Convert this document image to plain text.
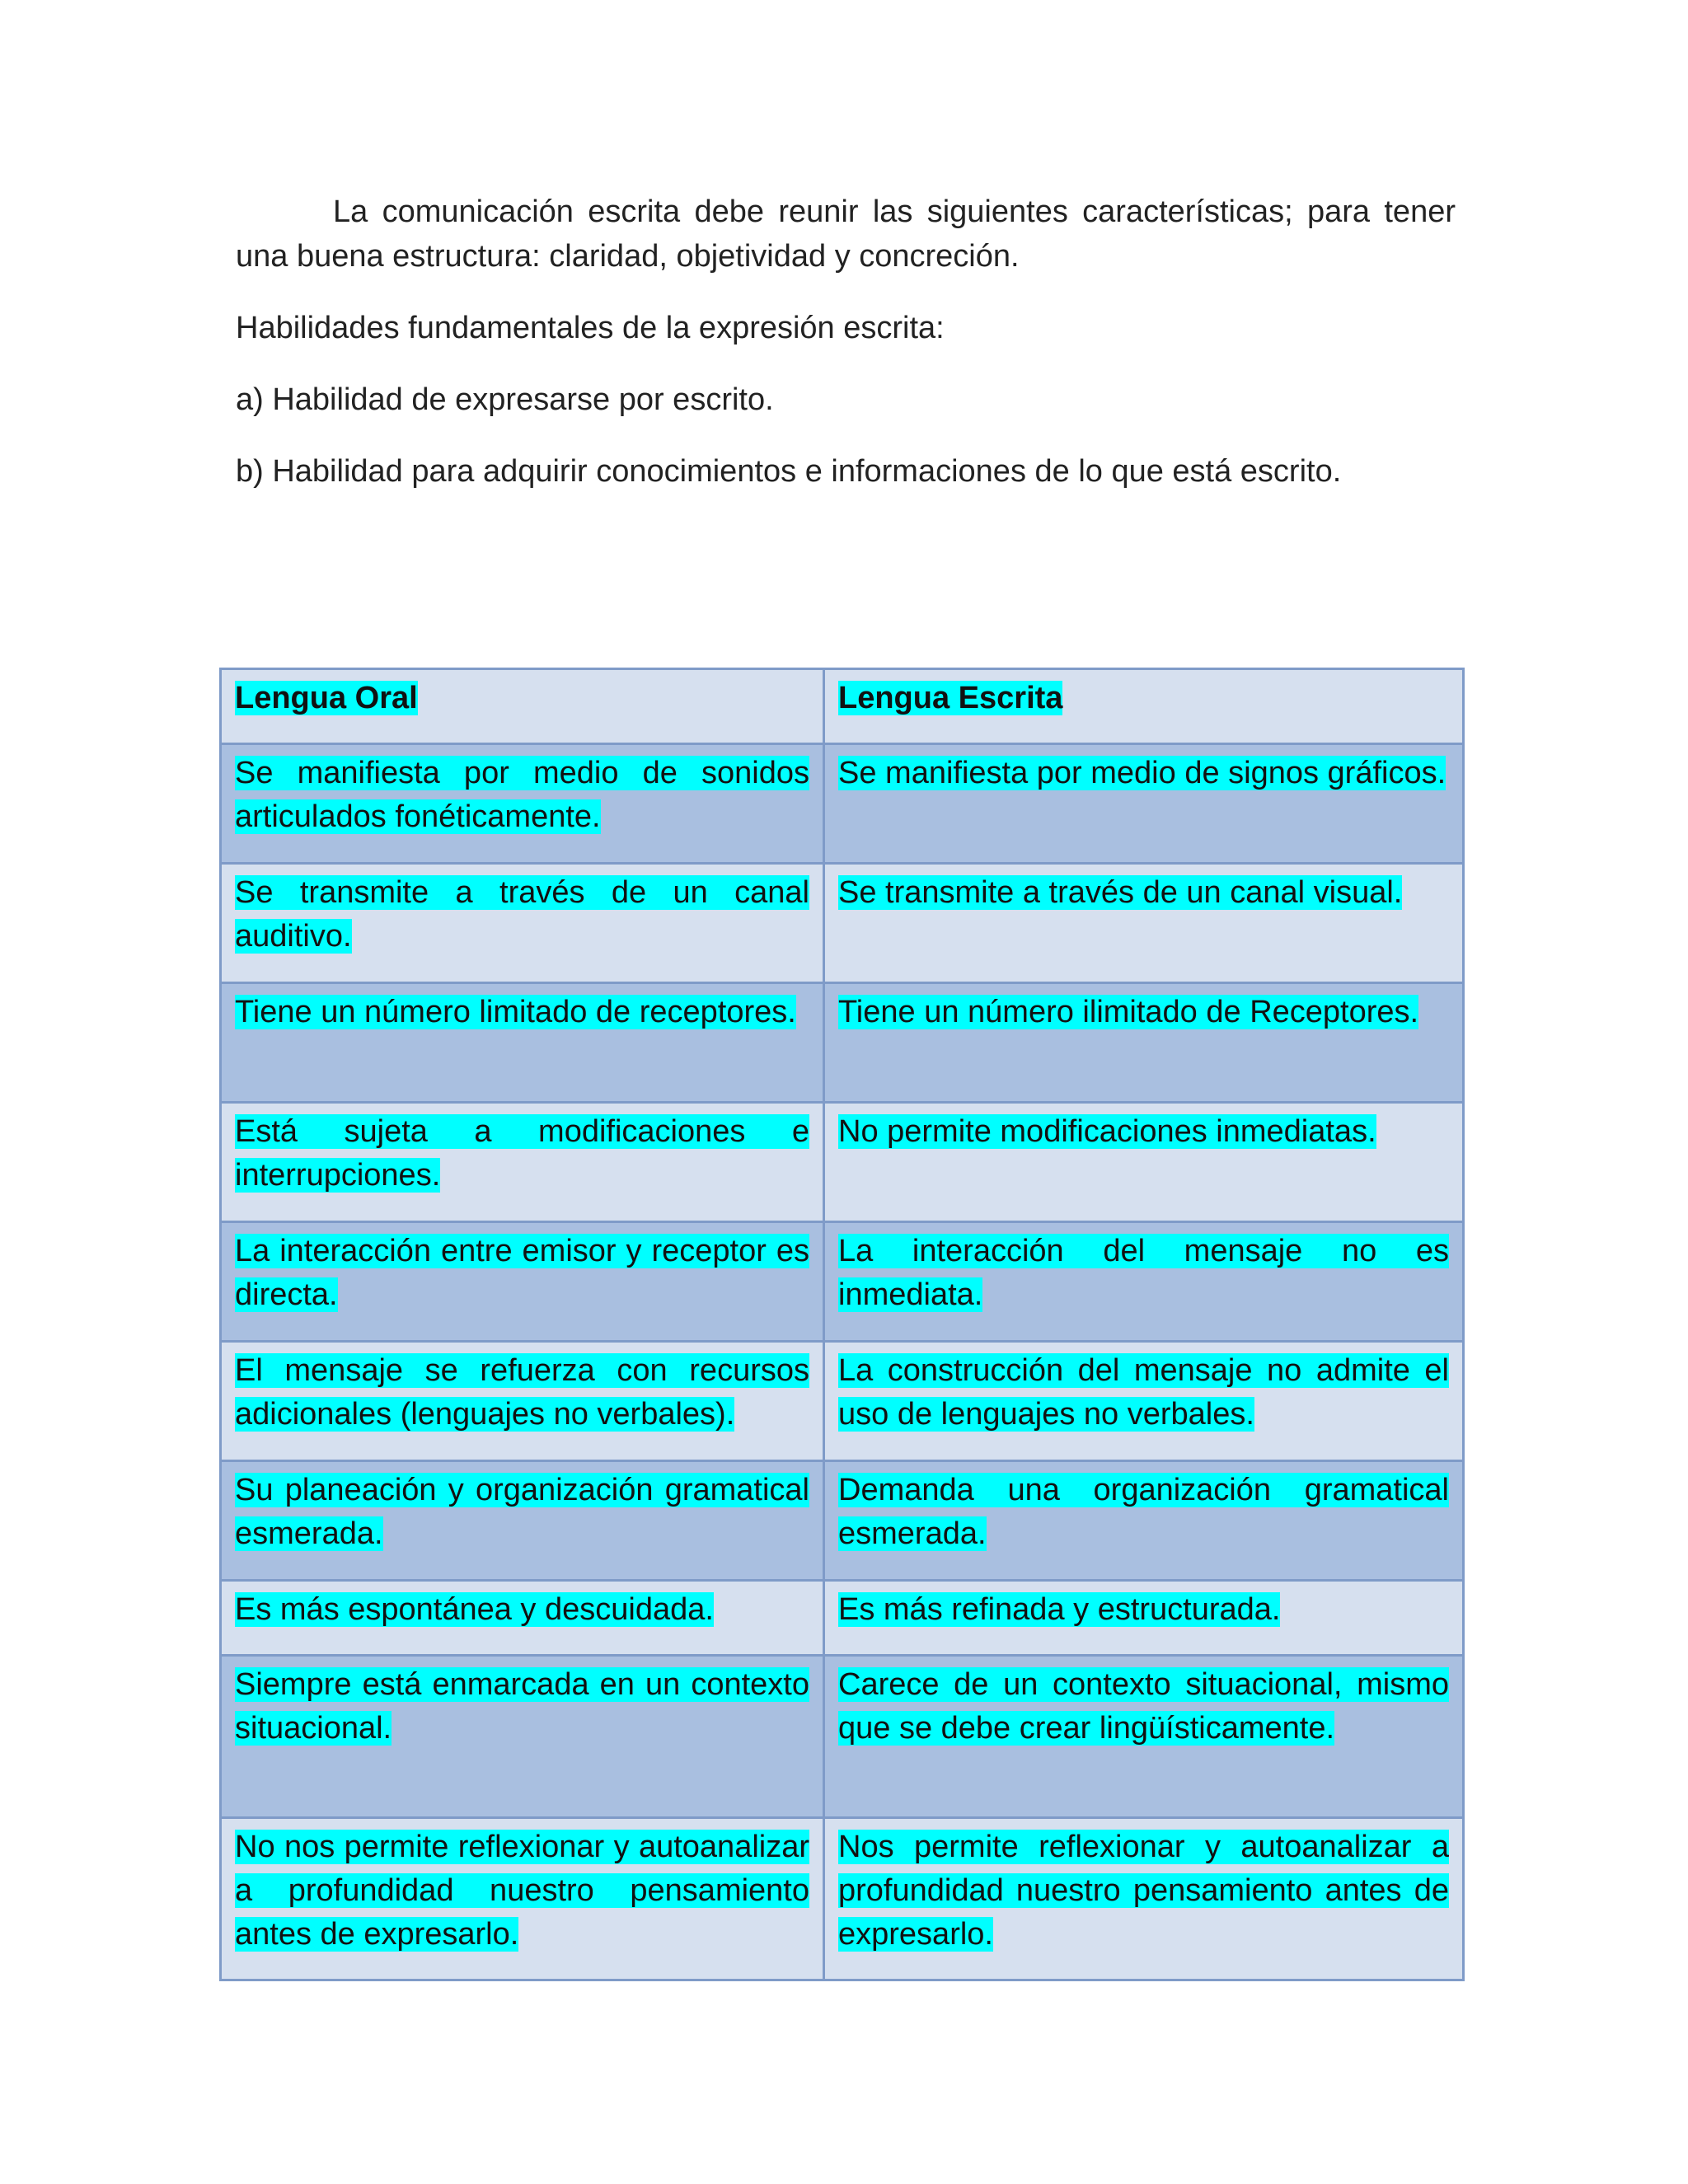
La comunicación escrita debe reunir las siguientes características; para tener una buena estructura: claridad, objetividad y concreción.

Habilidades fundamentales de la expresión escrita:

a) Habilidad de expresarse por escrito.

b) Habilidad para adquirir conocimientos e informaciones de lo que está escrito.

Lengua Oral	Lengua Escrita
Se manifiesta por medio de sonidos articulados fonéticamente.	Se manifiesta por medio de signos gráficos.
Se transmite a través de un canal auditivo.	Se transmite a través de un canal visual.
Tiene un número limitado de receptores.	Tiene un número ilimitado de Receptores.
Está sujeta a modificaciones e interrupciones.	No permite modificaciones inmediatas.
La interacción entre emisor y receptor es directa.	La interacción del mensaje no es inmediata.
El mensaje se refuerza con recursos adicionales (lenguajes no verbales).	La construcción del mensaje no admite el uso de lenguajes no verbales.
Su planeación y organización gramatical esmerada.	Demanda una organización gramatical esmerada.
Es más espontánea y descuidada.	Es más refinada y estructurada.
Siempre está enmarcada en un contexto situacional.	Carece de un contexto situacional, mismo que se debe crear lingüísticamente.
No nos permite reflexionar y autoanalizar a profundidad nuestro pensamiento antes de expresarlo.	Nos permite reflexionar y autoanalizar a profundidad nuestro pensamiento antes de expresarlo.
